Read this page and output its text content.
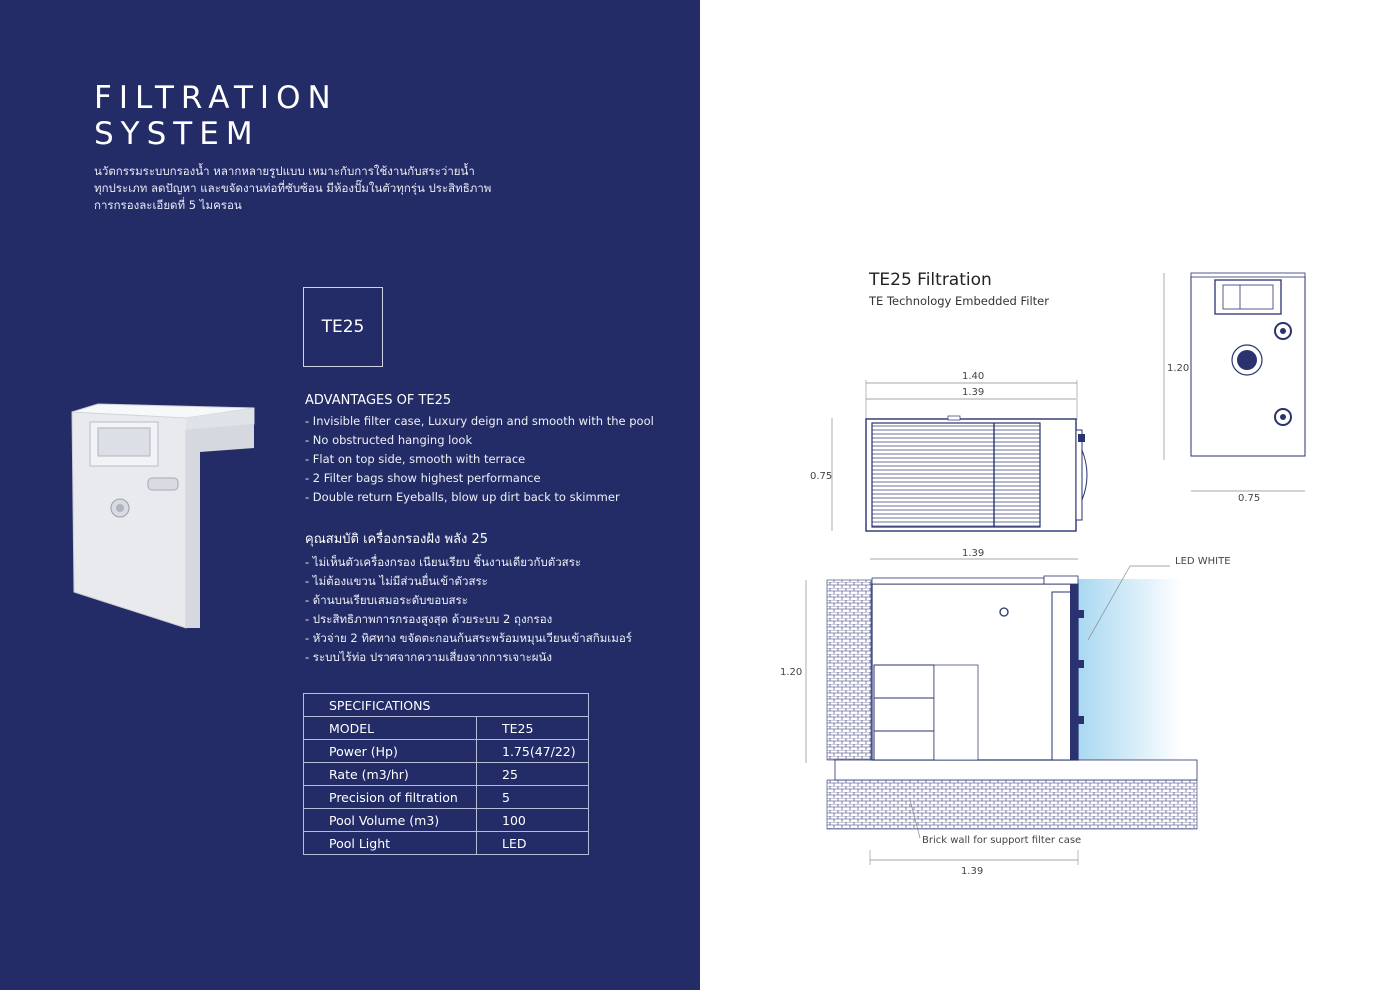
FILTRATION
SYSTEM
นวัตกรรมระบบกรองน้ำ หลากหลายรูปแบบ เหมาะกับการใช้งานกับสระว่ายน้ำ
ทุกประเภท ลดปัญหา และขจัดงานท่อที่ซับซ้อน มีห้องปั๊มในตัวทุกรุ่น ประสิทธิภาพ
การกรองละเอียดที่ 5 ไมครอน
TE25
ADVANTAGES OF TE25
- Invisible filter case, Luxury deign and smooth with the pool
- No obstructed hanging look
- Flat on top side, smooth with terrace
- 2 Filter bags show highest performance
- Double return Eyeballs, blow up dirt back to skimmer
คุณสมบัติ เครื่องกรองฝัง พลัง 25
- ไม่เห็นตัวเครื่องกรอง เนียนเรียบ ชิ้นงานเดียวกับตัวสระ
- ไม่ต้องแขวน ไม่มีส่วนยื่นเข้าตัวสระ
- ด้านบนเรียบเสมอระดับขอบสระ
- ประสิทธิภาพการกรองสูงสุด ด้วยระบบ 2 ถุงกรอง
- หัวจ่าย 2 ทิศทาง ขจัดตะกอนก้นสระพร้อมหมุนเวียนเข้าสกิมเมอร์
- ระบบไร้ท่อ ปราศจากความเสี่ยงจากการเจาะผนัง
SPECIFICATIONS	
MODEL	TE25
Power (Hp)	1.75(47/22)
Rate (m3/hr)	25
Precision of filtration	5
Pool Volume (m3)	100
Pool Light	LED
TE25 Filtration
TE Technology Embedded Filter
1.40
1.39
0.75
1.20
0.75
1.39
1.20
LED WHITE
Brick wall for support filter case
1.39
